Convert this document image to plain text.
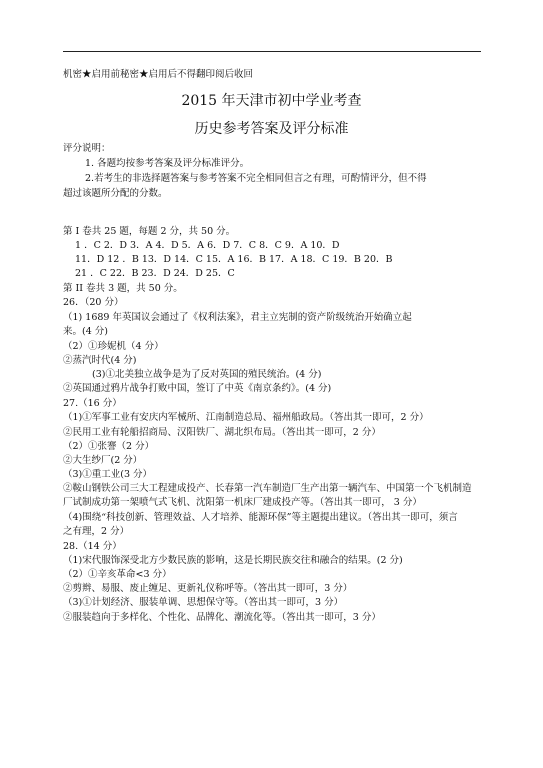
机密★启用前秘密★启用后不得翻印阅后收回
2015 年天津市初中学业考查
历史参考答案及评分标准
评分说明：
1. 各题均按参考答案及评分标准评分。
2.若考生的非选择题答案与参考答案不完全相同但言之有理，可酌情评分，但不得
超过该题所分配的分数。
第 I 卷共 25 题，每题 2 分，共 50 分。
1 ．C 2．D 3．A 4．D 5．A 6．D 7．C 8．C 9．A 10．D
11．D 12 ．B 13．D 14．C 15．A 16．B 17．A 18．C 19．B 20．B
21 ．C 22．B 23．D 24．D 25．C
第 II 卷共 3 题，共 50 分。
26．（20 分）
（1) 1689 年英国议会通过了《权利法案》，君主立宪制的资产阶级统治开始确立起
来。(4 分)
（2）①珍妮机（4 分）
②蒸汽时代(4 分)
(3)①北美独立战争是为了反对英国的殖民统治。(4 分)
②英国通过鸦片战争打败中国，签订了中英《南京条约》。(4 分)
27.（16 分）
（1)①军事工业有安庆内军械所、江南制造总局、福州船政局。（答出其一即可，2 分）
②民用工业有轮船招商局、汉阳铁厂、湖北织布局。（答出其一即可，2 分）
（2）①张謇（2 分）
②大生纱厂(2 分）
（3)①重工业(3 分）
②鞍山钢铁公司三大工程建成投产、长春第一汽车制造厂生产出第一辆汽车、中国第一个飞机制造
厂试制成功第一架喷气式飞机、沈阳第一机床厂建成投产等。（答出其一即可， 3 分）
（4)围绕“科技创新、管理效益、人才培养、能源环保”等主题提出建议。（答出其一即可，须言
之有理，2 分）
28.（14 分）
（1)宋代服饰深受北方少数民族的影响，这是长期民族交往和融合的结果。(2 分)
（2）①辛亥革命<3 分）
②剪辫、易服、废止缠足、更新礼仪称呼等。（答出其一即可，3 分）
（3)①计划经济、服装单调、思想保守等。（答出其一即可，3 分）
②服装趋向于多样化、个性化、品牌化、潮流化等。（答出其一即可，3 分）
